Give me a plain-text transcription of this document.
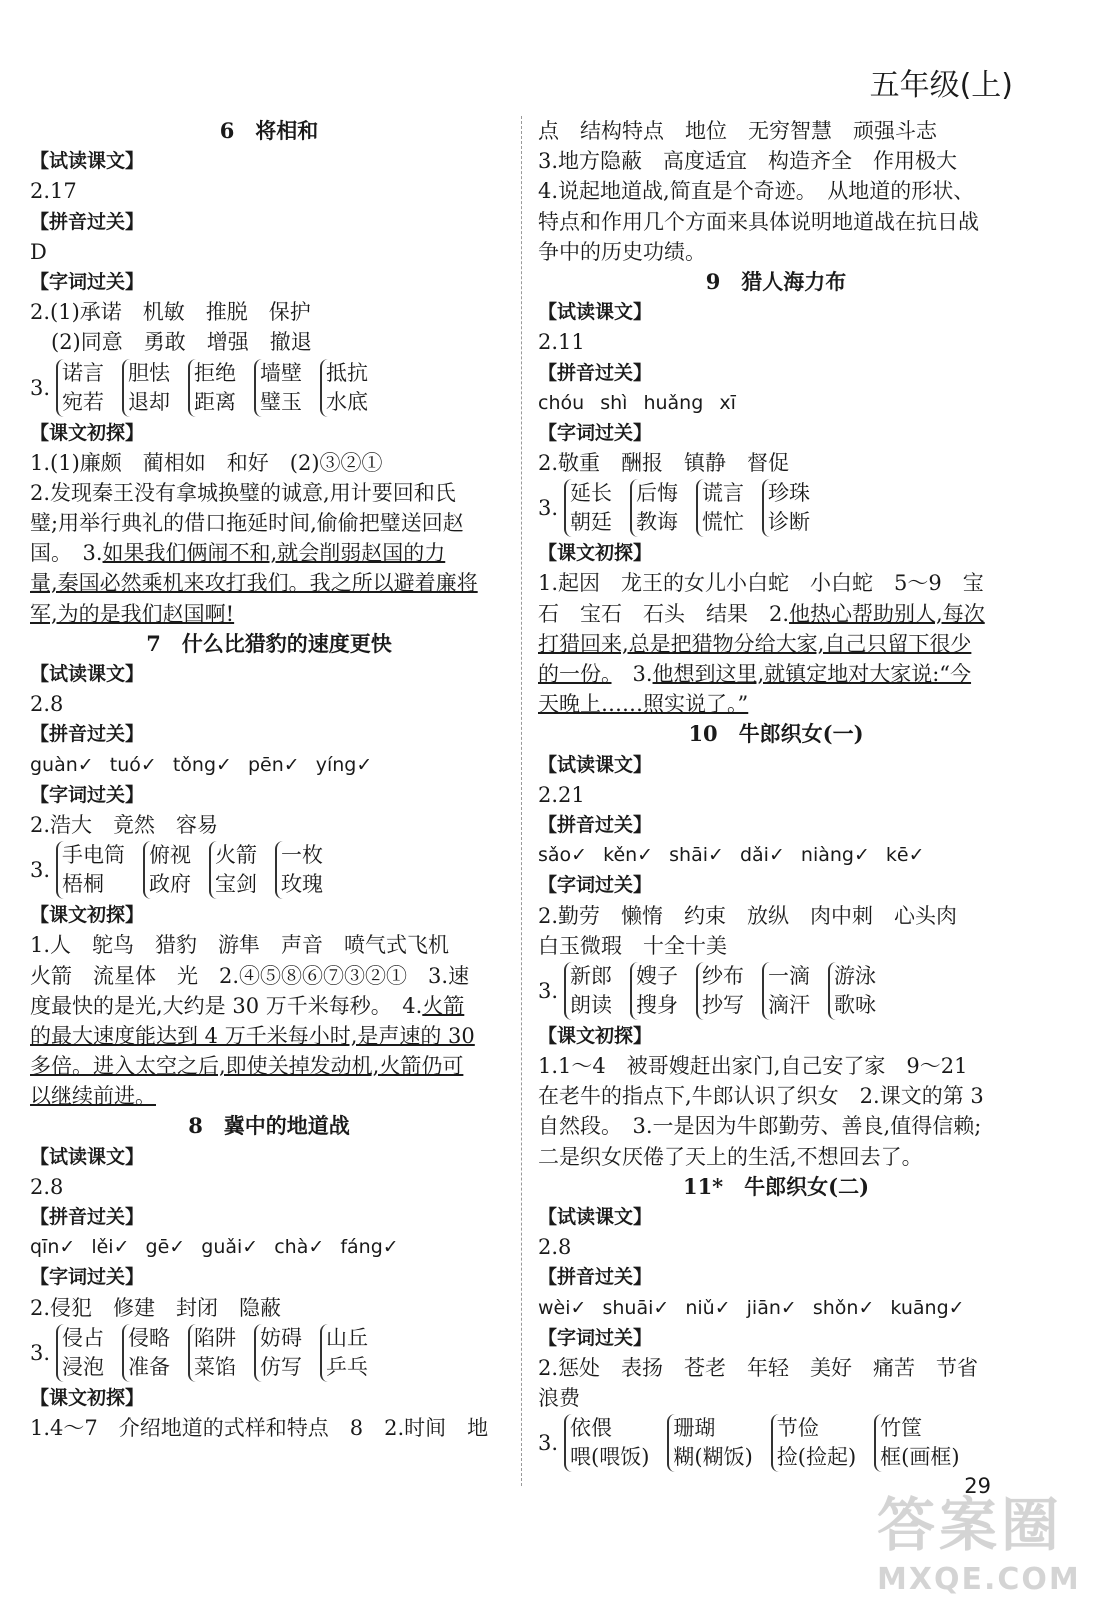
五年级(上)
6　将相和
【试读课文】
2.17
【拼音过关】
D
【字词过关】
2.(1)承诺　机敏　推脱　保护
　(2)同意　勇敢　增强　撤退
3.
诺言
宛若
胆怯
退却
拒绝
距离
墙壁
璧玉
抵抗
水底
【课文初探】
1.(1)廉颇　蔺相如　和好　(2)③②①
2.发现秦王没有拿城换璧的诚意,用计要回和氏
璧;用举行典礼的借口拖延时间,偷偷把璧送回赵
国。　3.如果我们俩闹不和,就会削弱赵国的力
量,秦国必然乘机来攻打我们。我之所以避着廉将
军,为的是我们赵国啊!
7　什么比猎豹的速度更快
【试读课文】
2.8
【拼音过关】
guàn✓ tuó✓ tǒng✓ pēn✓ yíng✓
【字词过关】
2.浩大　竟然　容易
3.
手电筒
梧桐
俯视
政府
火箭
宝剑
一枚
玫瑰
【课文初探】
1.人　鸵鸟　猎豹　游隼　声音　喷气式飞机
火箭　流星体　光　2.④⑤⑧⑥⑦③②①　3.速
度最快的是光,大约是 30 万千米每秒。　4.火箭
的最大速度能达到 4 万千米每小时,是声速的 30
多倍。进入太空之后,即使关掉发动机,火箭仍可
以继续前进。
8　冀中的地道战
【试读课文】
2.8
【拼音过关】
qīn✓ lěi✓ gē✓ guǎi✓ chà✓ fáng✓
【字词过关】
2.侵犯　修建　封闭　隐蔽
3.
侵占
浸泡
侵略
准备
陷阱
菜馅
妨碍
仿写
山丘
乒乓
【课文初探】
1.4～7　介绍地道的式样和特点　8　2.时间　地
点　结构特点　地位　无穷智慧　顽强斗志
3.地方隐蔽　高度适宜　构造齐全　作用极大
4.说起地道战,简直是个奇迹。　从地道的形状、
特点和作用几个方面来具体说明地道战在抗日战
争中的历史功绩。
9　猎人海力布
【试读课文】
2.11
【拼音过关】
chóu shì huǎng xī
【字词过关】
2.敬重　酬报　镇静　督促
3.
延长
朝廷
后悔
教诲
谎言
慌忙
珍珠
诊断
【课文初探】
1.起因　龙王的女儿小白蛇　小白蛇　5～9　宝
石　宝石　石头　结果　2.他热心帮助别人,每次
打猎回来,总是把猎物分给大家,自己只留下很少
的一份。　3.他想到这里,就镇定地对大家说:“今
天晚上……照实说了。”
10　牛郎织女(一)
【试读课文】
2.21
【拼音过关】
sǎo✓ kěn✓ shāi✓ dǎi✓ niàng✓ kē✓
【字词过关】
2.勤劳　懒惰　约束　放纵　肉中刺　心头肉
白玉微瑕　十全十美
3.
新郎
朗读
嫂子
搜身
纱布
抄写
一滴
滴汗
游泳
歌咏
【课文初探】
1.1～4　被哥嫂赶出家门,自己安了家　9～21
在老牛的指点下,牛郎认识了织女　2.课文的第 3
自然段。　3.一是因为牛郎勤劳、善良,值得信赖;
二是织女厌倦了天上的生活,不想回去了。
11*　牛郎织女(二)
【试读课文】
2.8
【拼音过关】
wèi✓ shuāi✓ niǔ✓ jiān✓ shǒn✓ kuāng✓
【字词过关】
2.惩处　表扬　苍老　年轻　美好　痛苦　节省
浪费
3.
依偎
喂(喂饭)
珊瑚
糊(糊饭)
节俭
捡(捡起)
竹筐
框(画框)
29
答案圈
MXQE.COM
